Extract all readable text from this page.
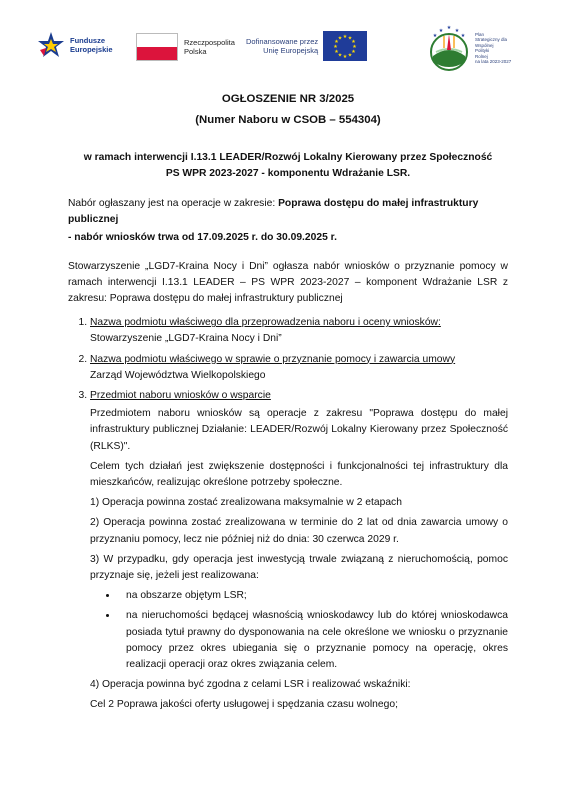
Fundusze
Europejskie
Rzeczpospolita
Polska
Dofinansowane przez
Unię Europejską
★ ★
★
★
★
★
★
★
★
★
★
★
★
★ ★
★	★ Plan
Strategiczny dla
Wspólnej
Polityki
Rolnej
na lata 2023-2027
OGŁOSZENIE NR 3/2025
(Numer Naboru w CSOB – 554304)
w ramach interwencji I.13.1 LEADER/Rozwój Lokalny Kierowany przez Społeczność
PS WPR 2023-2027 - komponentu Wdrażanie LSR.

Nabór ogłaszany jest na operacje w zakresie: Poprawa dostępu do małej infrastruktury publicznej

- nabór wniosków trwa od 17.09.2025 r. do 30.09.2025 r.

Stowarzyszenie „LGD7-Kraina Nocy i Dni” ogłasza nabór wniosków o przyznanie pomocy w ramach interwencji I.13.1 LEADER – PS WPR 2023-2027 – komponent Wdrażanie LSR z zakresu: Poprawa dostępu do małej infrastruktury publicznej

1. Nazwa podmiotu właściwego dla przeprowadzenia naboru i oceny wniosków:
Stowarzyszenie „LGD7-Kraina Nocy i Dni”
2. Nazwa podmiotu właściwego w sprawie o przyznanie pomocy i zawarcia umowy
Zarząd Województwa Wielkopolskiego
3. Przedmiot naboru wniosków o wsparcie
Przedmiotem naboru wniosków są operacje z zakresu "Poprawa dostępu do małej infrastruktury publicznej Działanie: LEADER/Rozwój Lokalny Kierowany przez Społeczność (RLKS)".
Celem tych działań jest zwiększenie dostępności i funkcjonalności tej infrastruktury dla mieszkańców, realizując określone potrzeby społeczne.
1) Operacja powinna zostać zrealizowana maksymalnie w 2 etapach
2) Operacja powinna zostać zrealizowana w terminie do 2 lat od dnia zawarcia umowy o przyznaniu pomocy, lecz nie później niż do dnia: 30 czerwca 2029 r.
3) W przypadku, gdy operacja jest inwestycją trwale związaną z nieruchomością, pomoc przyznaje się, jeżeli jest realizowana:
• na obszarze objętym LSR;
• na nieruchomości będącej własnością wnioskodawcy lub do której wnioskodawca posiada tytuł prawny do dysponowania na cele określone we wniosku o przyznanie pomocy przez okres ubiegania się o przyznanie pomocy na operację, okres realizacji operacji oraz okres związania celem.
4) Operacja powinna być zgodna z celami LSR i realizować wskaźniki:
Cel 2 Poprawa jakości oferty usługowej i spędzania czasu wolnego;
